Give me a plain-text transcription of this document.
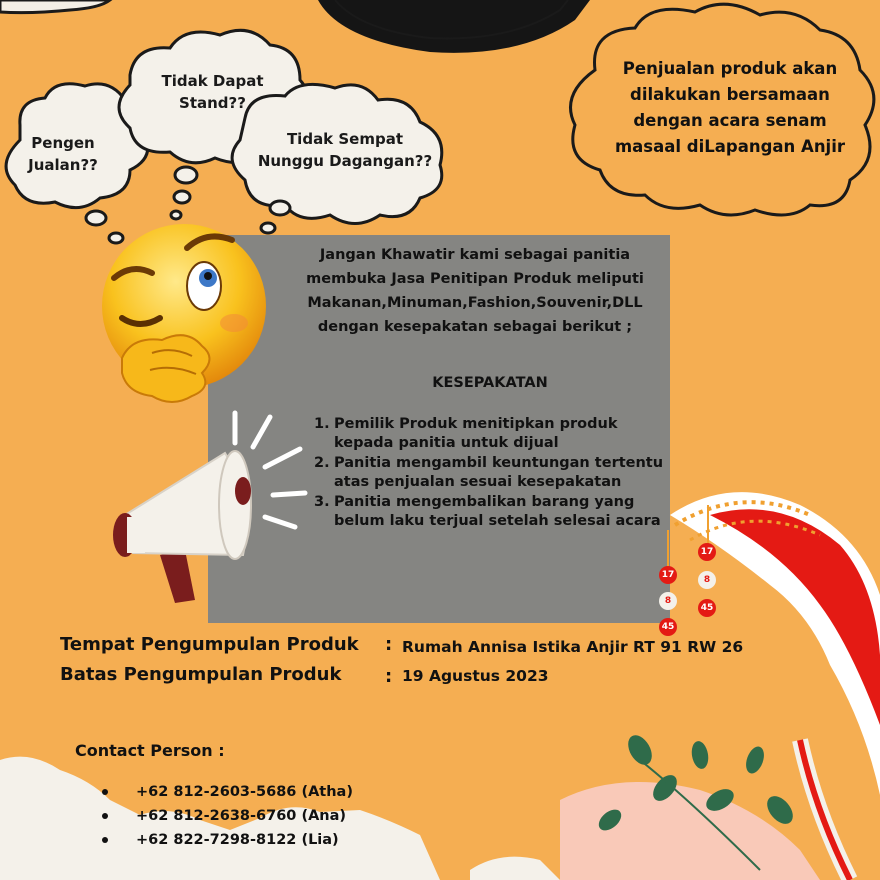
Pengen
Jualan??
Tidak Dapat
Stand??
Tidak Sempat
Nunggu Dagangan??
Penjualan produk akan dilakukan bersamaan dengan acara senam masaal diLapangan Anjir
Jangan Khawatir kami sebagai panitia
membuka Jasa Penitipan Produk meliputi
Makanan,Minuman,Fashion,Souvenir,DLL
dengan kesepakatan sebagai berikut ;
KESEPAKATAN
1. Pemilik Produk menitipkan produk kepada panitia untuk dijual
2. Panitia mengambil keuntungan tertentu atas penjualan sesuai kesepakatan
3. Panitia mengembalikan barang yang belum laku terjual setelah selesai acara
17
8
45
17
8
45
Tempat Pengumpulan Produk : Rumah Annisa Istika Anjir RT 91 RW 26
Batas Pengumpulan Produk : 19 Agustus 2023
Contact Person :
+62 812-2603-5686 (Atha)
+62 812-2638-6760 (Ana)
+62 822-7298-8122 (Lia)
